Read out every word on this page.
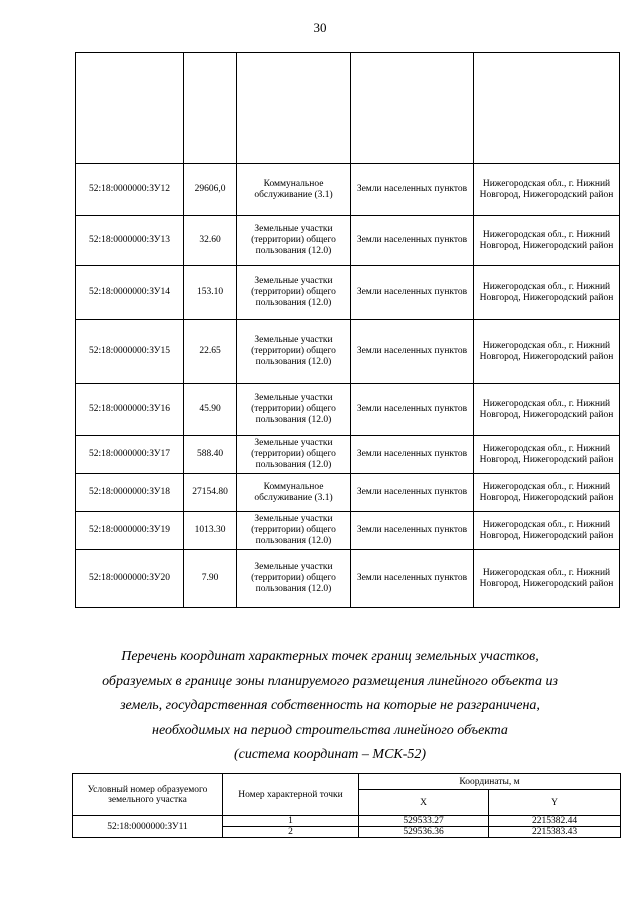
30

52:18:0000000:ЗУ12	29606,0	Коммунальное обслуживание (3.1)	Земли населенных пунктов	Нижегородская обл., г. Нижний Новгород, Нижегородский район
52:18:0000000:ЗУ13	32.60	Земельные участки (территории) общего пользования (12.0)	Земли населенных пунктов	Нижегородская обл., г. Нижний Новгород, Нижегородский район
52:18:0000000:ЗУ14	153.10	Земельные участки (территории) общего пользования (12.0)	Земли населенных пунктов	Нижегородская обл., г. Нижний Новгород, Нижегородский район
52:18:0000000:ЗУ15	22.65	Земельные участки (территории) общего пользования (12.0)	Земли населенных пунктов	Нижегородская обл., г. Нижний Новгород, Нижегородский район
52:18:0000000:ЗУ16	45.90	Земельные участки (территории) общего пользования (12.0)	Земли населенных пунктов	Нижегородская обл., г. Нижний Новгород, Нижегородский район
52:18:0000000:ЗУ17	588.40	Земельные участки (территории) общего пользования (12.0)	Земли населенных пунктов	Нижегородская обл., г. Нижний Новгород, Нижегородский район
52:18:0000000:ЗУ18	27154.80	Коммунальное обслуживание (3.1)	Земли населенных пунктов	Нижегородская обл., г. Нижний Новгород, Нижегородский район
52:18:0000000:ЗУ19	1013.30	Земельные участки (территории) общего пользования (12.0)	Земли населенных пунктов	Нижегородская обл., г. Нижний Новгород, Нижегородский район
52:18:0000000:ЗУ20	7.90	Земельные участки (территории) общего пользования (12.0)	Земли населенных пунктов	Нижегородская обл., г. Нижний Новгород, Нижегородский район
Перечень координат характерных точек границ земельных участков,
образуемых в границе зоны планируемого размещения линейного объекта из
земель, государственная собственность на которые не разграничена,
необходимых на период строительства линейного объекта
(система координат – МСК-52)
Условный номер образуемого земельного участка	Номер характерной точки	Координаты, м	
		X	Y
52:18:0000000:ЗУ11	1	529533.27	2215382.44
	2	529536.36	2215383.43
